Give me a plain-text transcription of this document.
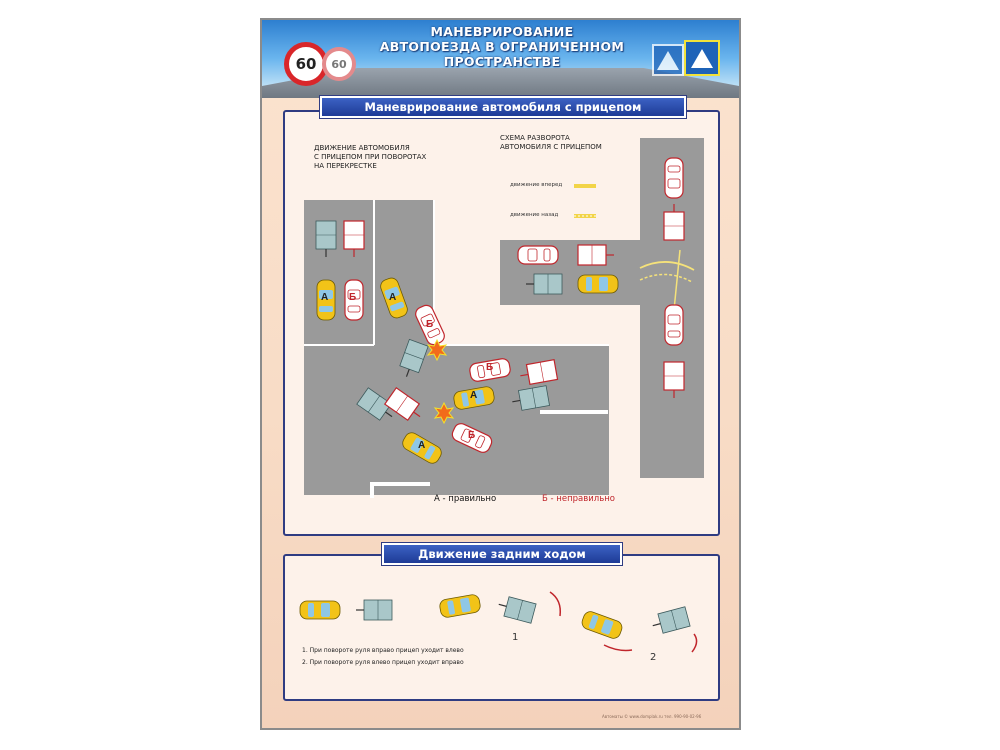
60 60
МАНЕВРИРОВАНИЕ
АВТОПОЕЗДА В ОГРАНИЧЕННОМ
ПРОСТРАНСТВЕ
Маневрирование автомобиля с прицепом
ДВИЖЕНИЕ АВТОМОБИЛЯ
С ПРИЦЕПОМ ПРИ ПОВОРОТАХ
НА ПЕРЕКРЕСТКЕ
СХЕМА РАЗВОРОТА
АВТОМОБИЛЯ С ПРИЦЕПОМ
движение вперед
движение назад
А Б	А
Б
А
Б
А
Б
А - правильно	Б - неправильно
Движение задним ходом
1. При повороте руля вправо прицеп уходит влево
2. При повороте руля влево прицеп уходит вправо
1
2
Автоматы © www.domplak.ru тел. 990-90-02-96
